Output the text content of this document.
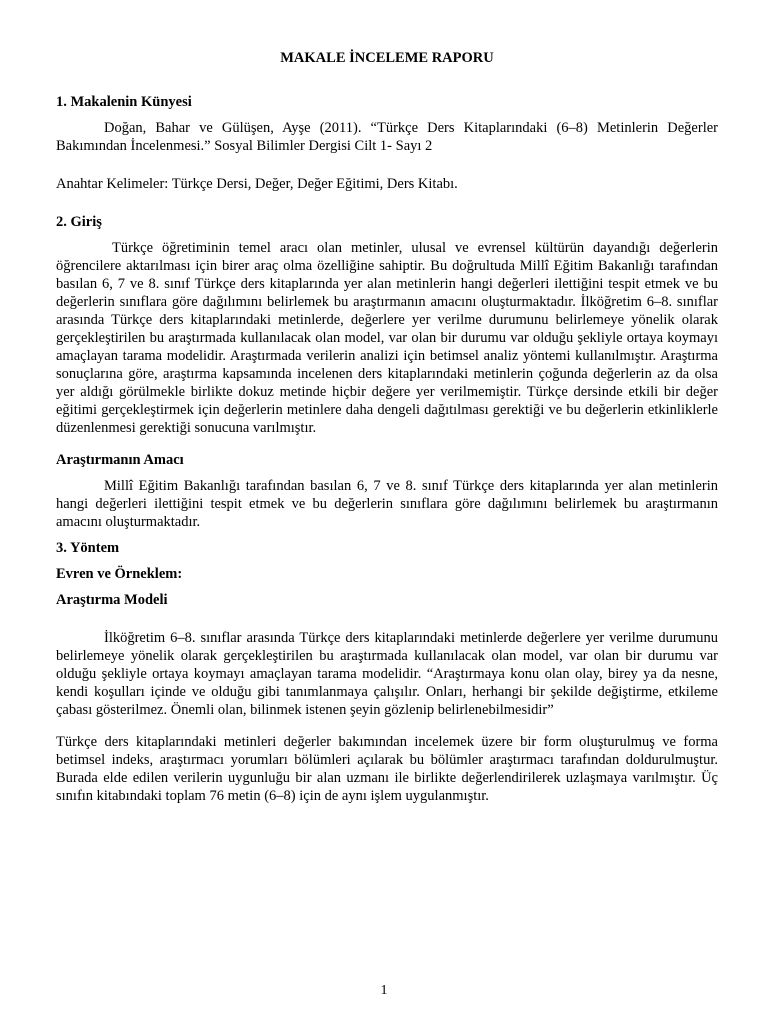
MAKALE İNCELEME RAPORU

1. Makalenin Künyesi

Doğan, Bahar ve Gülüşen, Ayşe (2011). “Türkçe Ders Kitaplarındaki (6–8) Metinlerin Değerler Bakımından İncelenmesi.” Sosyal Bilimler Dergisi Cilt 1- Sayı 2

Anahtar Kelimeler: Türkçe Dersi, Değer, Değer Eğitimi, Ders Kitabı.

2. Giriş

Türkçe öğretiminin temel aracı olan metinler, ulusal ve evrensel kültürün dayandığı değerlerin öğrencilere aktarılması için birer araç olma özelliğine sahiptir. Bu doğrultuda Millî Eğitim Bakanlığı tarafından basılan 6, 7 ve 8. sınıf Türkçe ders kitaplarında yer alan metinlerin hangi değerleri ilettiğini tespit etmek ve bu değerlerin sınıflara göre dağılımını belirlemek bu araştırmanın amacını oluşturmaktadır. İlköğretim 6–8. sınıflar arasında Türkçe ders kitaplarındaki metinlerde, değerlere yer verilme durumunu belirlemeye yönelik olarak gerçekleştirilen bu araştırmada kullanılacak olan model, var olan bir durumu var olduğu şekliyle ortaya koymayı amaçlayan tarama modelidir. Araştırmada verilerin analizi için betimsel analiz yöntemi kullanılmıştır. Araştırma sonuçlarına göre, araştırma kapsamında incelenen ders kitaplarındaki metinlerin çoğunda değerlerin az da olsa yer aldığı görülmekle birlikte dokuz metinde hiçbir değere yer verilmemiştir. Türkçe dersinde etkili bir değer eğitimi gerçekleştirmek için değerlerin metinlere daha dengeli dağıtılması gerektiği ve bu değerlerin etkinliklerle düzenlenmesi gerektiği sonucuna varılmıştır.

Araştırmanın Amacı

Millî Eğitim Bakanlığı tarafından basılan 6, 7 ve 8. sınıf Türkçe ders kitaplarında yer alan metinlerin hangi değerleri ilettiğini tespit etmek ve bu değerlerin sınıflara göre dağılımını belirlemek bu araştırmanın amacını oluşturmaktadır.

3. Yöntem

Evren ve Örneklem:

Araştırma Modeli

İlköğretim 6–8. sınıflar arasında Türkçe ders kitaplarındaki metinlerde değerlere yer verilme durumunu belirlemeye yönelik olarak gerçekleştirilen bu araştırmada kullanılacak olan model, var olan bir durumu var olduğu şekliyle ortaya koymayı amaçlayan tarama modelidir. “Araştırmaya konu olan olay, birey ya da nesne, kendi koşulları içinde ve olduğu gibi tanımlanmaya çalışılır. Onları, herhangi bir şekilde değiştirme, etkileme çabası gösterilmez. Önemli olan, bilinmek istenen şeyin gözlenip belirlenebilmesidir”

Türkçe ders kitaplarındaki metinleri değerler bakımından incelemek üzere bir form oluşturulmuş ve forma betimsel indeks, araştırmacı yorumları bölümleri açılarak bu bölümler araştırmacı tarafından doldurulmuştur. Burada elde edilen verilerin uygunluğu bir alan uzmanı ile birlikte değerlendirilerek uzlaşmaya varılmıştır. Üç sınıfın kitabındaki toplam 76 metin (6–8) için de aynı işlem uygulanmıştır.

1
